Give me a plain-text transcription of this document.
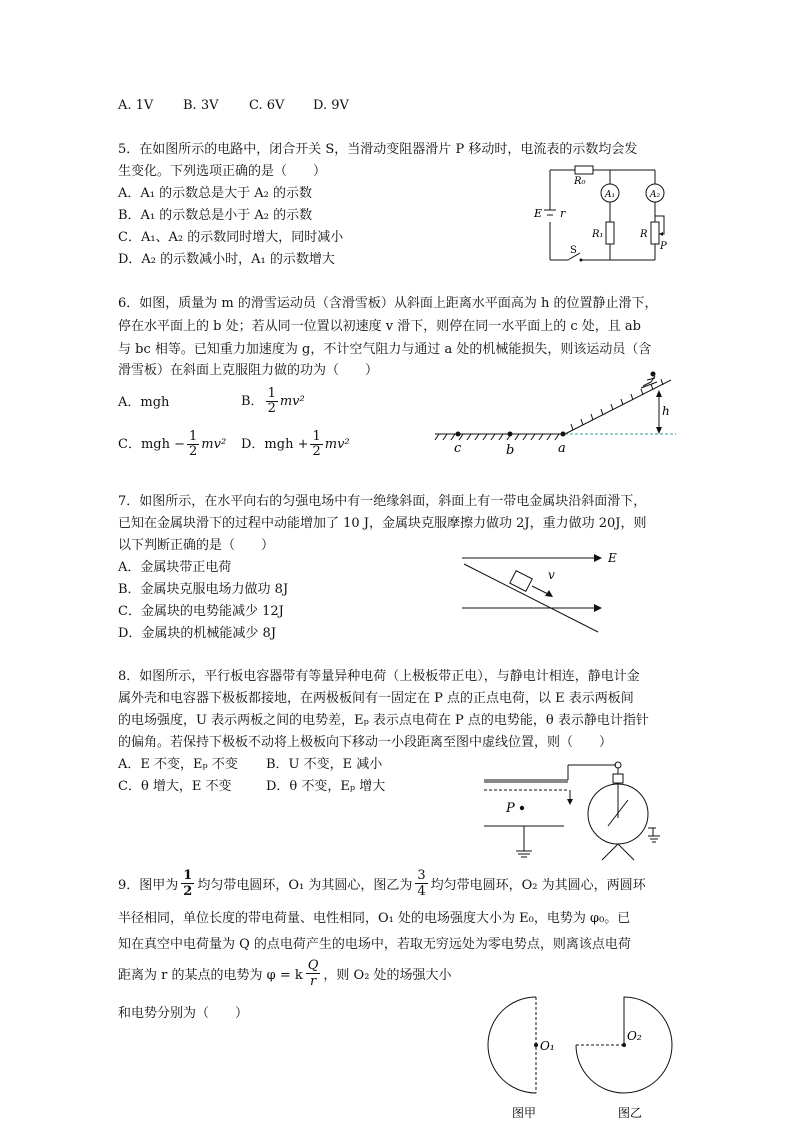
A. 1V B. 3V C. 6V D. 9V
5．在如图所示的电路中，闭合开关 S，当滑动变阻器滑片 P 移动时，电流表的示数均会发
生变化。下列选项正确的是（　　）
A．A₁ 的示数总是大于 A₂ 的示数
B．A₁ 的示数总是小于 A₂ 的示数
C．A₁、A₂ 的示数同时增大，同时减小
D．A₂ 的示数减小时，A₁ 的示数增大
R₀
A₁	A₂
R₁	R
P
E r
S
6．如图，质量为 m 的滑雪运动员（含滑雪板）从斜面上距离水平面高为 h 的位置静止滑下，
停在水平面上的 b 处；若从同一位置以初速度 v 滑下，则停在同一水平面上的 c 处，且 ab
与 bc 相等。已知重力加速度为 g，不计空气阻力与通过 a 处的机械能损失，则该运动员（含
滑雪板）在斜面上克服阻力做的功为（　　）
A．mgh	B． $\frac{1}{2} mv^2$
C．mgh − $\frac{1}{2} mv^2$ D．mgh + $\frac{1}{2} mv^2$	c	b	a
h
7．如图所示，在水平向右的匀强电场中有一绝缘斜面，斜面上有一带电金属块沿斜面滑下，
已知在金属块滑下的过程中动能增加了 10 J，金属块克服摩擦力做功 2J，重力做功 20J，则
以下判断正确的是（　　）
A．金属块带正电荷
B．金属块克服电场力做功 8J
C．金属块的电势能减少 12J
D．金属块的机械能减少 8J
E
v
8．如图所示，平行板电容器带有等量异种电荷（上极板带正电），与静电计相连，静电计金
属外壳和电容器下极板都接地，在两极板间有一固定在 P 点的正点电荷，以 E 表示两板间
的电场强度，U 表示两板之间的电势差，Eₚ 表示点电荷在 P 点的电势能，θ 表示静电计指针
的偏角。若保持下极板不动将上极板向下移动一小段距离至图中虚线位置，则（　　）
A．E 不变，Eₚ 不变 B．U 不变，E 减小
C．θ 增大，E 不变	D．θ 不变，Eₚ 增大
P
9．图甲为 $\frac{1}{2}$ 均匀带电圆环，O₁ 为其圆心，图乙为 $\frac{3}{4}$ 均匀带电圆环，O₂ 为其圆心，两圆环
半径相同，单位长度的带电荷量、电性相同，O₁ 处的电场强度大小为 E₀，电势为 φ₀。已
知在真空中电荷量为 Q 的点电荷产生的电场中，若取无穷远处为零电势点，则离该点电荷
距离为 r 的某点的电势为 φ = k
Q
r ，则 O₂ 处的场强大小
和电势分别为（　　）
O₁
O₂
图甲	图乙
